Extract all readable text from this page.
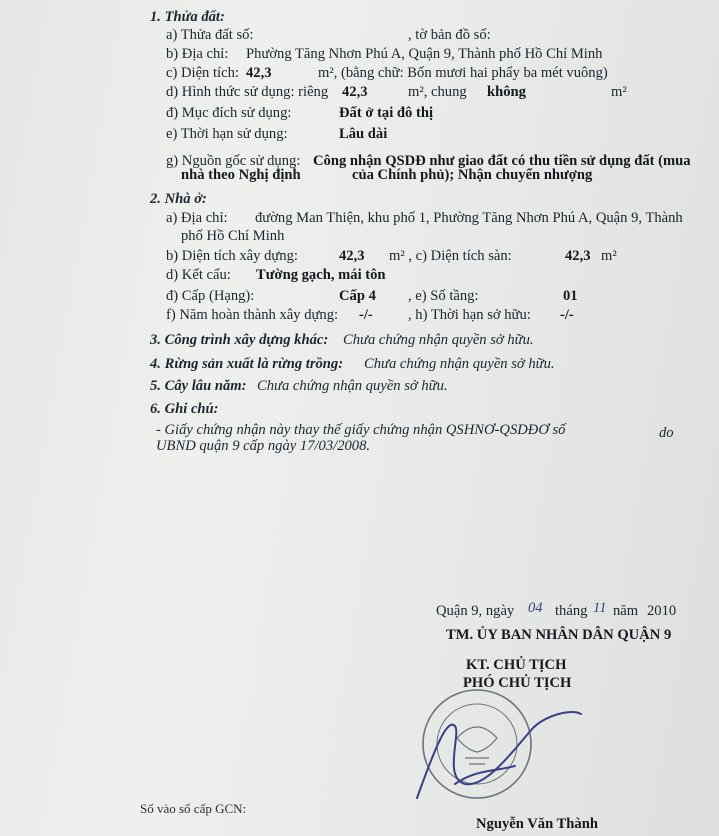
1. Thửa đất:
a) Thửa đất số:	, tờ bản đồ số:
b) Địa chỉ: Phường Tăng Nhơn Phú A, Quận 9, Thành phố Hồ Chí Minh
c) Diện tích: 42,3	m², (bằng chữ: Bốn mươi hai phẩy ba mét vuông)
d) Hình thức sử dụng: riêng 42,3	m², chung không	m²
đ) Mục đích sử dụng:	Đất ở tại đô thị
e) Thời hạn sử dụng:	Lâu dài
g) Nguồn gốc sử dụng: Công nhận QSDĐ như giao đất có thu tiền sử dụng đất (mua
nhà theo Nghị định	của Chính phủ); Nhận chuyển nhượng
2. Nhà ở:
a) Địa chỉ: đường Man Thiện, khu phố 1, Phường Tăng Nhơn Phú A, Quận 9, Thành
phố Hồ Chí Minh
b) Diện tích xây dựng:	42,3 m² , c) Diện tích sàn:	42,3 m²
d) Kết cấu: Tường gạch, mái tôn
đ) Cấp (Hạng):	Cấp 4 , e) Số tầng:	01
f) Năm hoàn thành xây dựng: -/- , h) Thời hạn sở hữu: -/-
3. Công trình xây dựng khác: Chưa chứng nhận quyền sở hữu.
4. Rừng sản xuất là rừng trồng: Chưa chứng nhận quyền sở hữu.
5. Cây lâu năm: Chưa chứng nhận quyền sở hữu.
6. Ghi chú:
- Giấy chứng nhận này thay thế giấy chứng nhận QSHNƠ-QSDĐƠ số	do
UBND quận 9 cấp ngày 17/03/2008.
Quận 9, ngày 04 tháng 11 năm 2010
TM. ỦY BAN NHÂN DÂN QUẬN 9
KT. CHỦ TỊCH
PHÓ CHỦ TỊCH
Số vào sổ cấp GCN:
Nguyễn Văn Thành
